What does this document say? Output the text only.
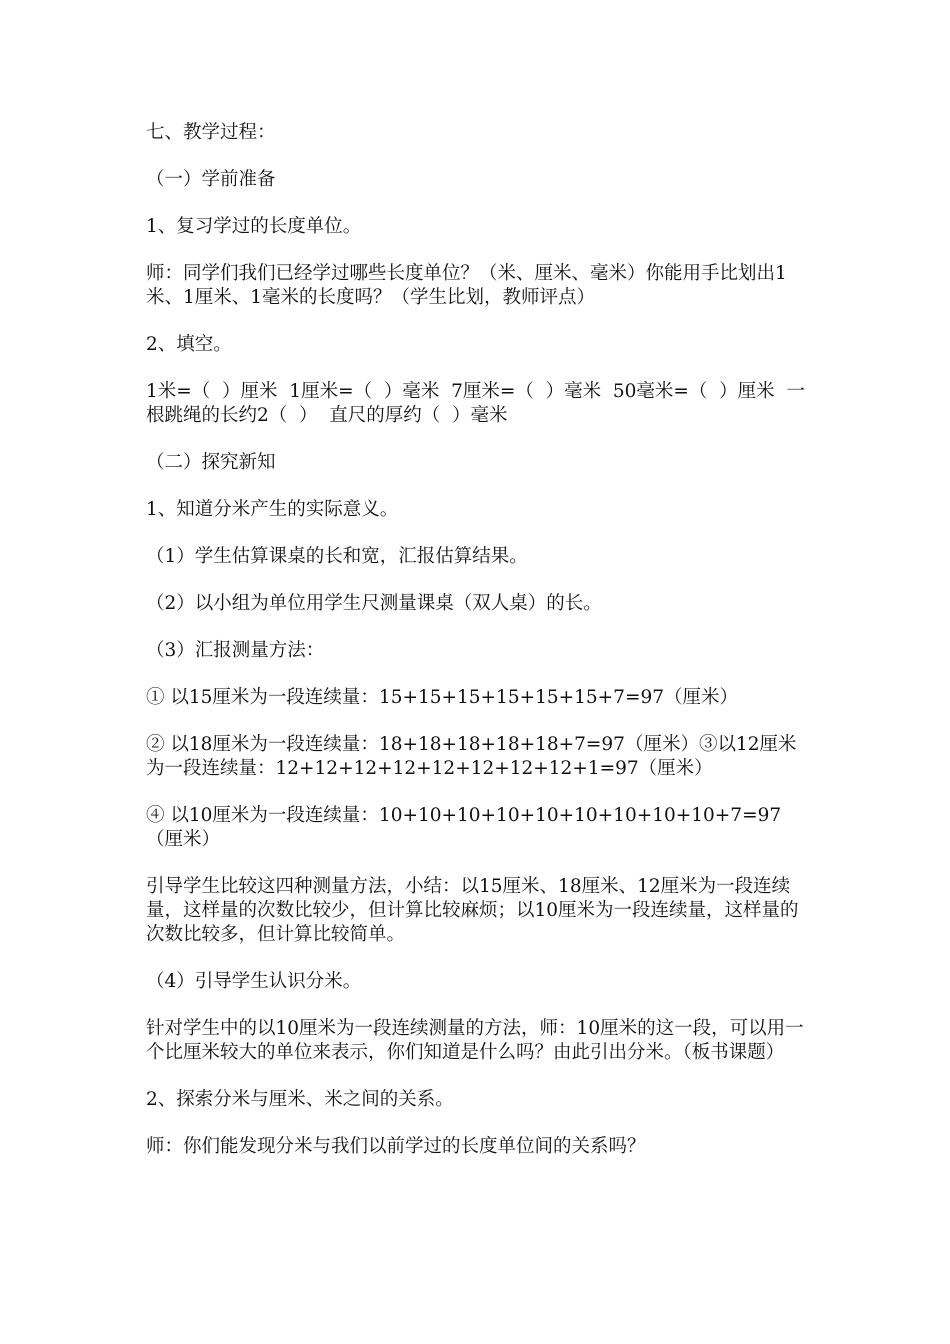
七、教学过程：

（一）学前准备

1、复习学过的长度单位。

师：同学们我们已经学过哪些长度单位？（米、厘米、毫米）你能用手比划出1米、1厘米、1毫米的长度吗？（学生比划，教师评点）

2、填空。

1米=（  ）厘米  1厘米=（  ）毫米  7厘米=（  ）毫米  50毫米=（  ）厘米  一根跳绳的长约2（  ）  直尺的厚约（  ）毫米

（二）探究新知

1、知道分米产生的实际意义。

（1）学生估算课桌的长和宽，汇报估算结果。

（2）以小组为单位用学生尺测量课桌（双人桌）的长。

（3）汇报测量方法：

① 以15厘米为一段连续量：15+15+15+15+15+15+7=97（厘米）

② 以18厘米为一段连续量：18+18+18+18+18+7=97（厘米）③以12厘米为一段连续量：12+12+12+12+12+12+12+12+1=97（厘米）

④ 以10厘米为一段连续量：10+10+10+10+10+10+10+10+10+7=97（厘米）

引导学生比较这四种测量方法，小结：以15厘米、18厘米、12厘米为一段连续量，这样量的次数比较少，但计算比较麻烦；以10厘米为一段连续量，这样量的次数比较多，但计算比较简单。

（4）引导学生认识分米。

针对学生中的以10厘米为一段连续测量的方法，师：10厘米的这一段，可以用一个比厘米较大的单位来表示，你们知道是什么吗？由此引出分米。（板书课题）

2、探索分米与厘米、米之间的关系。

师：你们能发现分米与我们以前学过的长度单位间的关系吗？
